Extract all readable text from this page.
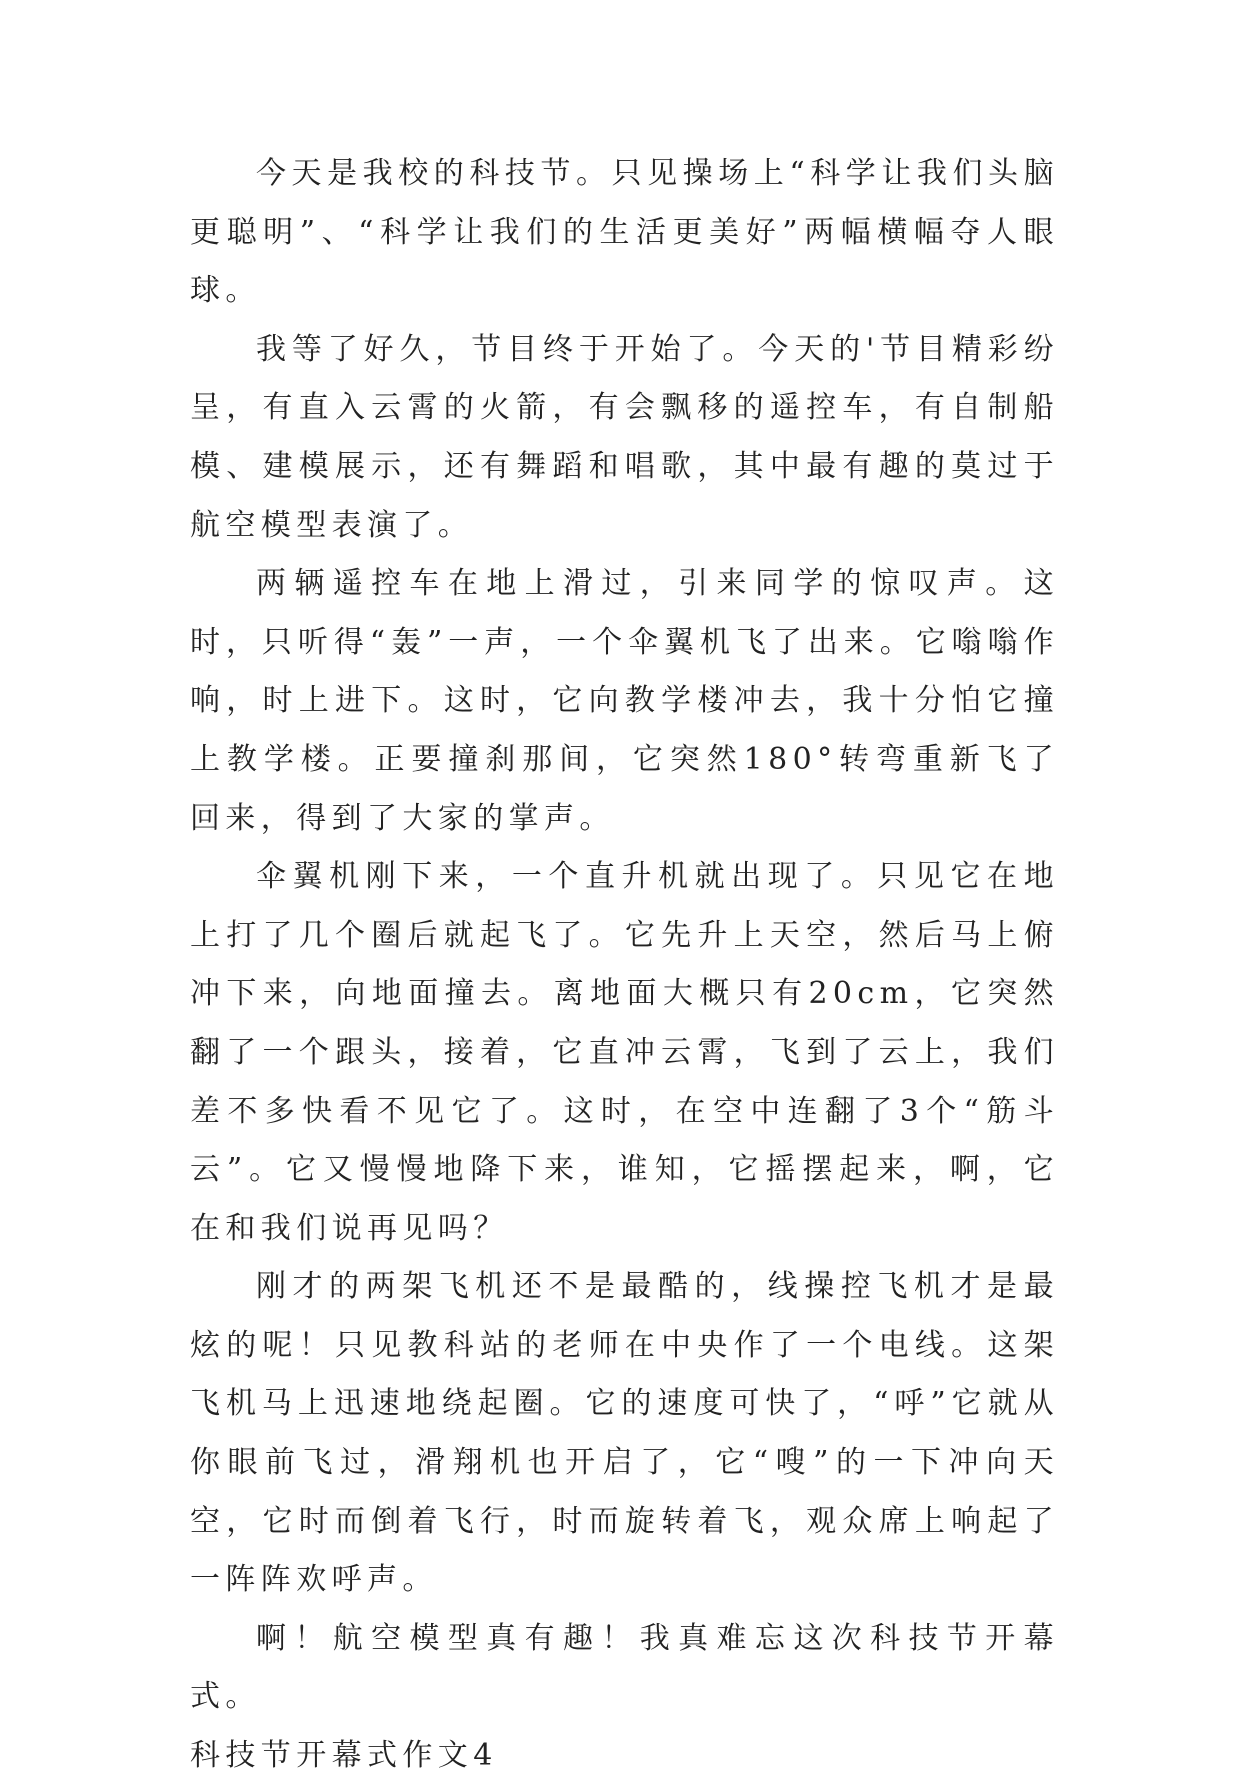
今天是我校的科技节。只见操场上“科学让我们头脑更聪明”、“科学让我们的生活更美好”两幅横幅夺人眼球。

我等了好久，节目终于开始了。今天的'节目精彩纷呈，有直入云霄的火箭，有会飘移的遥控车，有自制船模、建模展示，还有舞蹈和唱歌，其中最有趣的莫过于航空模型表演了。

两辆遥控车在地上滑过，引来同学的惊叹声。这时，只听得“轰”一声，一个伞翼机飞了出来。它嗡嗡作响，时上进下。这时，它向教学楼冲去，我十分怕它撞上教学楼。正要撞刹那间，它突然180°转弯重新飞了回来，得到了大家的掌声。

伞翼机刚下来，一个直升机就出现了。只见它在地上打了几个圈后就起飞了。它先升上天空，然后马上俯冲下来，向地面撞去。离地面大概只有20cm，它突然翻了一个跟头，接着，它直冲云霄，飞到了云上，我们差不多快看不见它了。这时，在空中连翻了3个“筋斗云”。它又慢慢地降下来，谁知，它摇摆起来，啊，它在和我们说再见吗？

刚才的两架飞机还不是最酷的，线操控飞机才是最炫的呢！只见教科站的老师在中央作了一个电线。这架飞机马上迅速地绕起圈。它的速度可快了，“呼”它就从你眼前飞过，滑翔机也开启了，它“嗖”的一下冲向天空，它时而倒着飞行，时而旋转着飞，观众席上响起了一阵阵欢呼声。

啊！航空模型真有趣！我真难忘这次科技节开幕式。

科技节开幕式作文4
